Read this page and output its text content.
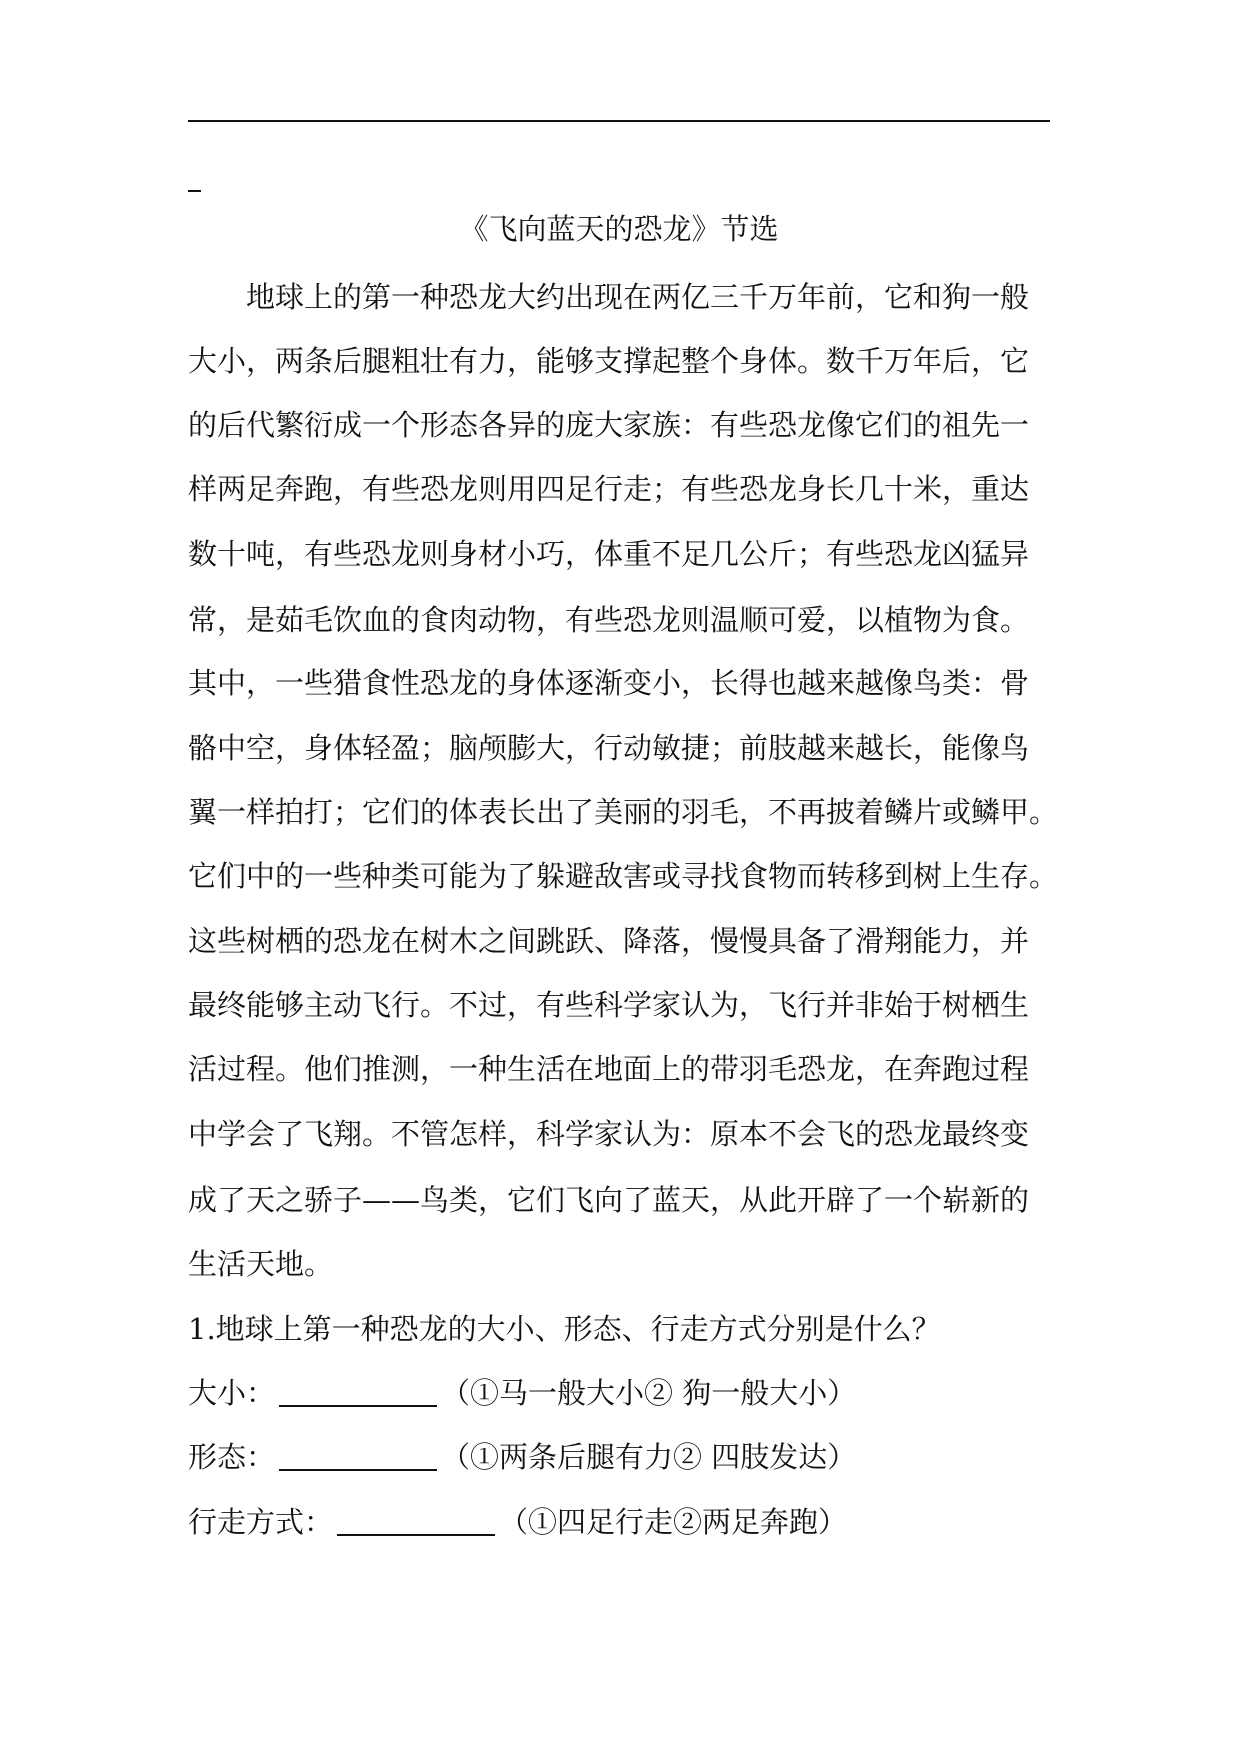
《飞向蓝天的恐龙》节选

地球上的第一种恐龙大约出现在两亿三千万年前，它和狗一般

大小，两条后腿粗壮有力，能够支撑起整个身体。数千万年后，它

的后代繁衍成一个形态各异的庞大家族：有些恐龙像它们的祖先一

样两足奔跑，有些恐龙则用四足行走；有些恐龙身长几十米，重达

数十吨，有些恐龙则身材小巧，体重不足几公斤；有些恐龙凶猛异

常，是茹毛饮血的食肉动物，有些恐龙则温顺可爱，以植物为食。

其中，一些猎食性恐龙的身体逐渐变小，长得也越来越像鸟类：骨

骼中空，身体轻盈；脑颅膨大，行动敏捷；前肢越来越长，能像鸟

翼一样拍打；它们的体表长出了美丽的羽毛，不再披着鳞片或鳞甲。

它们中的一些种类可能为了躲避敌害或寻找食物而转移到树上生存。

这些树栖的恐龙在树木之间跳跃、降落，慢慢具备了滑翔能力，并

最终能够主动飞行。不过，有些科学家认为，飞行并非始于树栖生

活过程。他们推测，一种生活在地面上的带羽毛恐龙，在奔跑过程

中学会了飞翔。不管怎样，科学家认为：原本不会飞的恐龙最终变

成了天之骄子——鸟类，它们飞向了蓝天，从此开辟了一个崭新的

生活天地。

1.地球上第一种恐龙的大小、形态、行走方式分别是什么？

大小：	（①马一般大小② 狗一般大小）

形态：	（①两条后腿有力② 四肢发达）

行走方式：	（①四足行走②两足奔跑）
